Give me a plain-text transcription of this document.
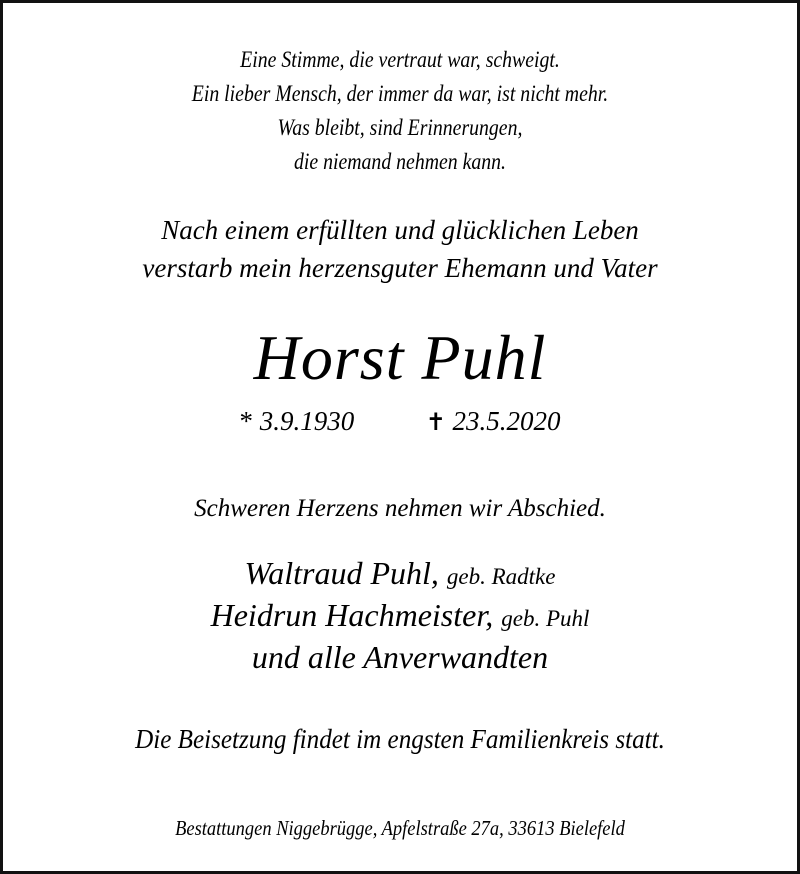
Eine Stimme, die vertraut war, schweigt.
Ein lieber Mensch, der immer da war, ist nicht mehr.
Was bleibt, sind Erinnerungen,
die niemand nehmen kann.
Nach einem erfüllten und glücklichen Leben
verstarb mein herzensguter Ehemann und Vater
Horst Puhl
* 3.9.1930	✝ 23.5.2020
Schweren Herzens nehmen wir Abschied.
Waltraud Puhl, geb. Radtke
Heidrun Hachmeister, geb. Puhl
und alle Anverwandten
Die Beisetzung findet im engsten Familienkreis statt.
Bestattungen Niggebrügge, Apfelstraße 27a, 33613 Bielefeld
